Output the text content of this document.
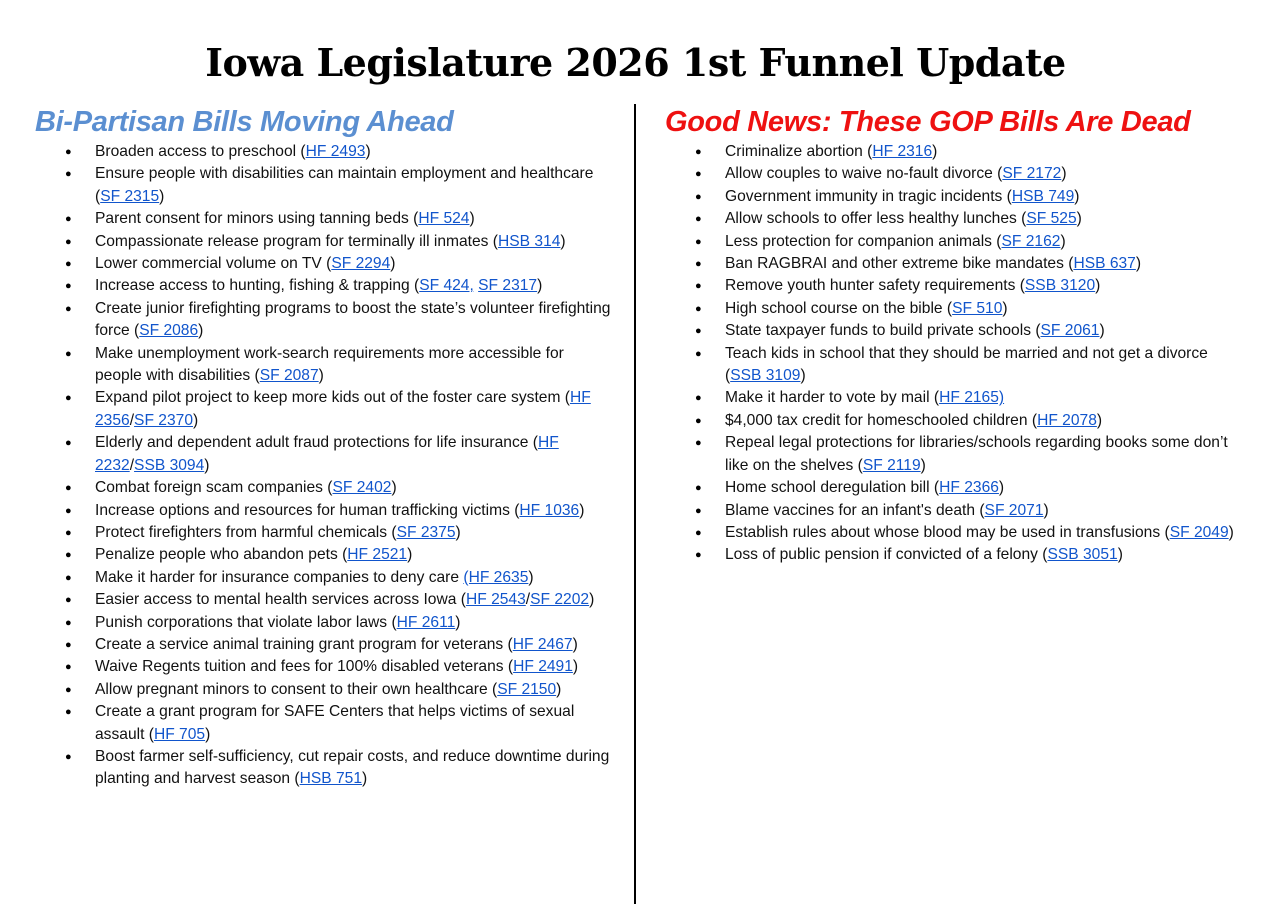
Iowa Legislature 2026 1st Funnel Update
Bi-Partisan Bills Moving Ahead
● Broaden access to preschool (HF 2493)
● Ensure people with disabilities can maintain employment and healthcare (SF 2315)
● Parent consent for minors using tanning beds (HF 524)
● Compassionate release program for terminally ill inmates (HSB 314)
● Lower commercial volume on TV (SF 2294)
● Increase access to hunting, fishing & trapping (SF 424, SF 2317)
● Create junior firefighting programs to boost the state’s volunteer firefighting force (SF 2086)
● Make unemployment work-search requirements more accessible for people with disabilities (SF 2087)
● Expand pilot project to keep more kids out of the foster care system (HF 2356/SF 2370)
● Elderly and dependent adult fraud protections for life insurance (HF 2232/SSB 3094)
● Combat foreign scam companies (SF 2402)
● Increase options and resources for human trafficking victims (HF 1036)
● Protect firefighters from harmful chemicals (SF 2375)
● Penalize people who abandon pets (HF 2521)
● Make it harder for insurance companies to deny care (HF 2635)
● Easier access to mental health services across Iowa (HF 2543/SF 2202)
● Punish corporations that violate labor laws (HF 2611)
● Create a service animal training grant program for veterans (HF 2467)
● Waive Regents tuition and fees for 100% disabled veterans (HF 2491)
● Allow pregnant minors to consent to their own healthcare (SF 2150)
● Create a grant program for SAFE Centers that helps victims of sexual assault (HF 705)
● Boost farmer self-sufficiency, cut repair costs, and reduce downtime during planting and harvest season (HSB 751)
Good News: These GOP Bills Are Dead
● Criminalize abortion (HF 2316)
● Allow couples to waive no-fault divorce (SF 2172)
● Government immunity in tragic incidents (HSB 749)
● Allow schools to offer less healthy lunches (SF 525)
● Less protection for companion animals (SF 2162)
● Ban RAGBRAI and other extreme bike mandates (HSB 637)
● Remove youth hunter safety requirements (SSB 3120)
● High school course on the bible (SF 510)
● State taxpayer funds to build private schools (SF 2061)
● Teach kids in school that they should be married and not get a divorce (SSB 3109)
● Make it harder to vote by mail (HF 2165)
● $4,000 tax credit for homeschooled children (HF 2078)
● Repeal legal protections for libraries/schools regarding books some don’t like on the shelves (SF 2119)
● Home school deregulation bill (HF 2366)
● Blame vaccines for an infant's death (SF 2071)
● Establish rules about whose blood may be used in transfusions (SF 2049)
● Loss of public pension if convicted of a felony (SSB 3051)
